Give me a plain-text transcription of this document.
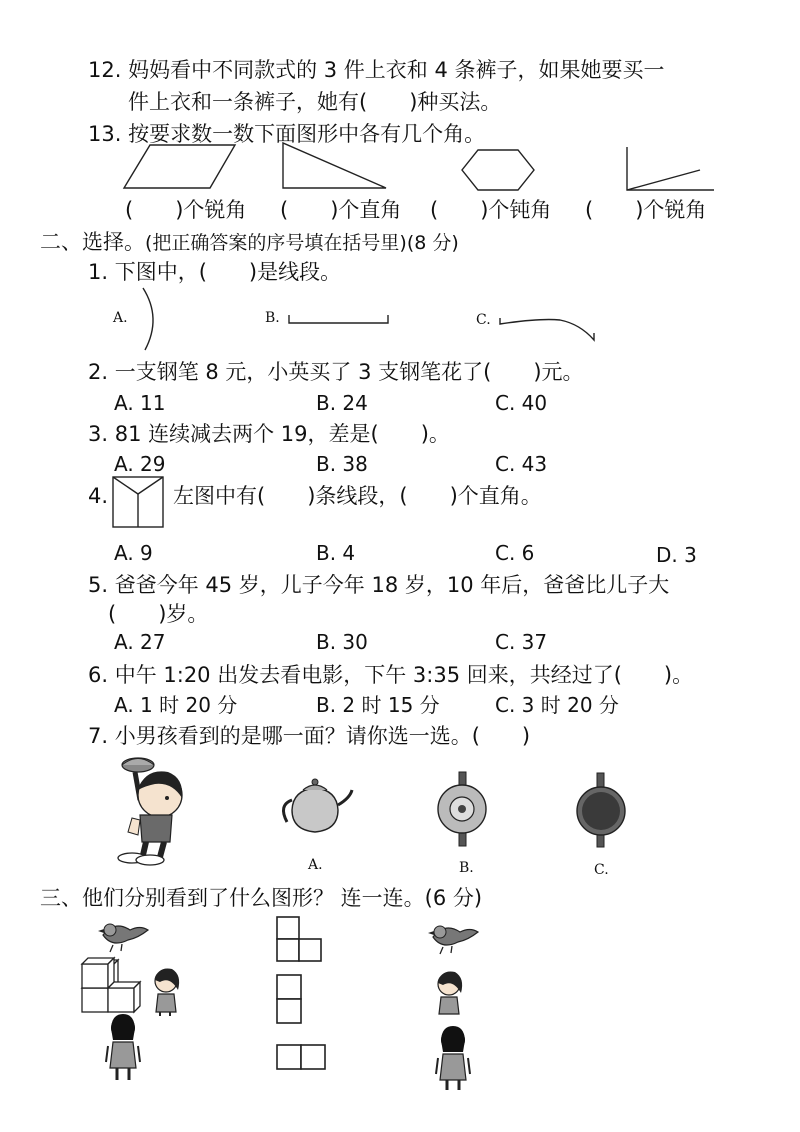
12. 妈妈看中不同款式的 3 件上衣和 4 条裤子，如果她要买一
件上衣和一条裤子，她有(　　)种买法。
13. 按要求数一数下面图形中各有几个角。
(　　)个锐角 (　　)个直角 (　　)个钝角 (　　)个锐角
二、选择。(把正确答案的序号填在括号里)(8 分)
1. 下图中，(　　)是线段。
A.	B.	C.
2. 一支钢笔 8 元，小英买了 3 支钢笔花了(　　)元。
A. 11	B. 24	C. 40
3. 81 连续减去两个 19，差是(　　)。
A. 29	B. 38	C. 43
4.	左图中有(　　)条线段，(　　)个直角。
A. 9	B. 4	C. 6	D. 3
5. 爸爸今年 45 岁，儿子今年 18 岁，10 年后，爸爸比儿子大
(　　)岁。
A. 27	B. 30	C. 37
6. 中午 1:20 出发去看电影，下午 3:35 回来，共经过了(　　)。
A. 1 时 20 分	B. 2 时 15 分	C. 3 时 20 分
7. 小男孩看到的是哪一面？请你选一选。(　　)
A.	B.	C.
三、他们分别看到了什么图形？ 连一连。(6 分)
